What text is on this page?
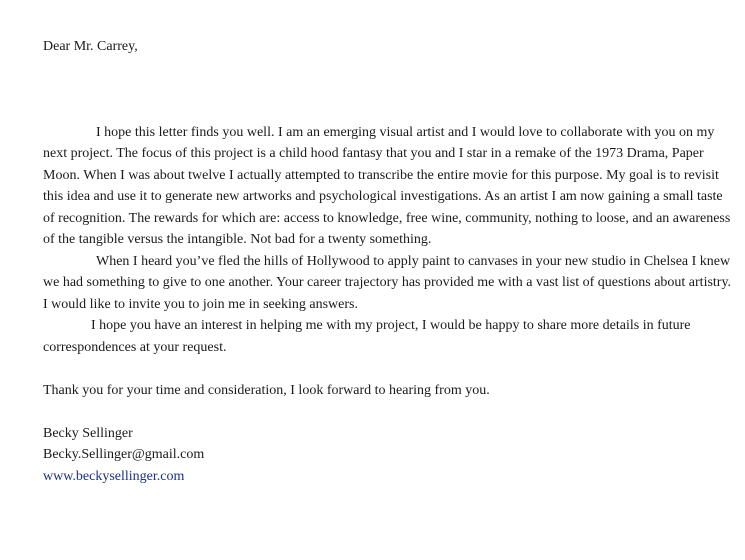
Dear Mr. Carrey,

I hope this letter finds you well. I am an emerging visual artist and I would love to collaborate with you on my next project. The focus of this project is a child hood fantasy that you and I star in a remake of the 1973 Drama, Paper Moon. When I was about twelve I actually attempted to transcribe the entire movie for this purpose. My goal is to revisit this idea and use it to generate new artworks and psychological investigations. As an artist I am now gaining a small taste of recognition. The rewards for which are: access to knowledge, free wine, community, nothing to loose, and an awareness of the tangible versus the intangible. Not bad for a twenty something.

When I heard you’ve fled the hills of Hollywood to apply paint to canvases in your new studio in Chelsea I knew we had something to give to one another. Your career trajectory has provided me with a vast list of questions about artistry. I would like to invite you to join me in seeking answers.

I hope you have an interest in helping me with my project, I would be happy to share more details in future correspondences at your request.

Thank you for your time and consideration, I look forward to hearing from you.

Becky Sellinger
Becky.Sellinger@gmail.com
www.beckysellinger.com
